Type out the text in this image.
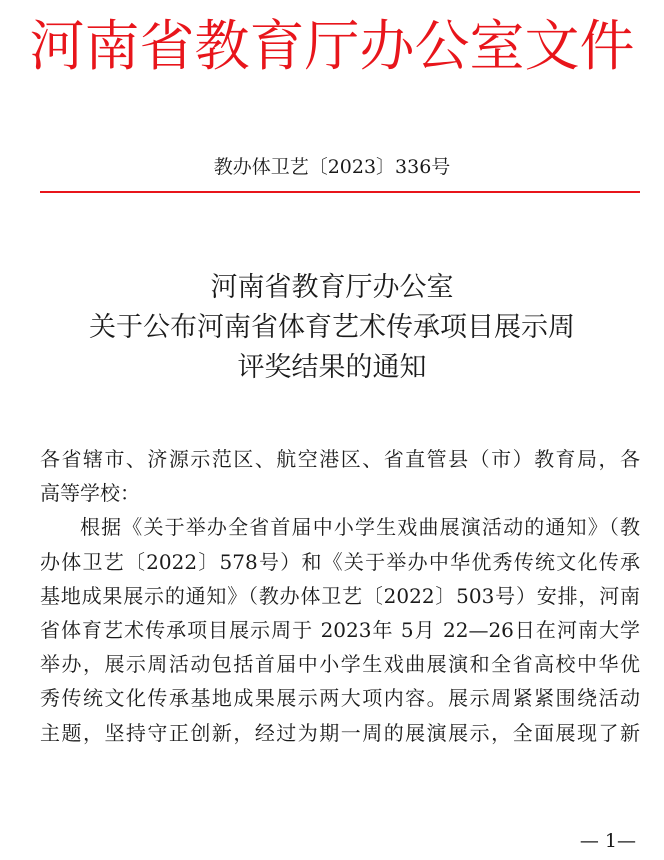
河南省教育厅办公室文件
教办体卫艺〔2023〕336号
河南省教育厅办公室
关于公布河南省体育艺术传承项目展示周
评奖结果的通知
各省辖市、济源示范区、航空港区、省直管县（市）教育局，各
高等学校：
根据《关于举办全省首届中小学生戏曲展演活动的通知》（教
办体卫艺〔2022〕578号）和《关于举办中华优秀传统文化传承
基地成果展示的通知》（教办体卫艺〔2022〕503号）安排，河南
省体育艺术传承项目展示周于 2023年 5月 22—26日在河南大学
举办，展示周活动包括首届中小学生戏曲展演和全省高校中华优
秀传统文化传承基地成果展示两大项内容。展示周紧紧围绕活动
主题，坚持守正创新，经过为期一周的展演展示，全面展现了新
— 1—
